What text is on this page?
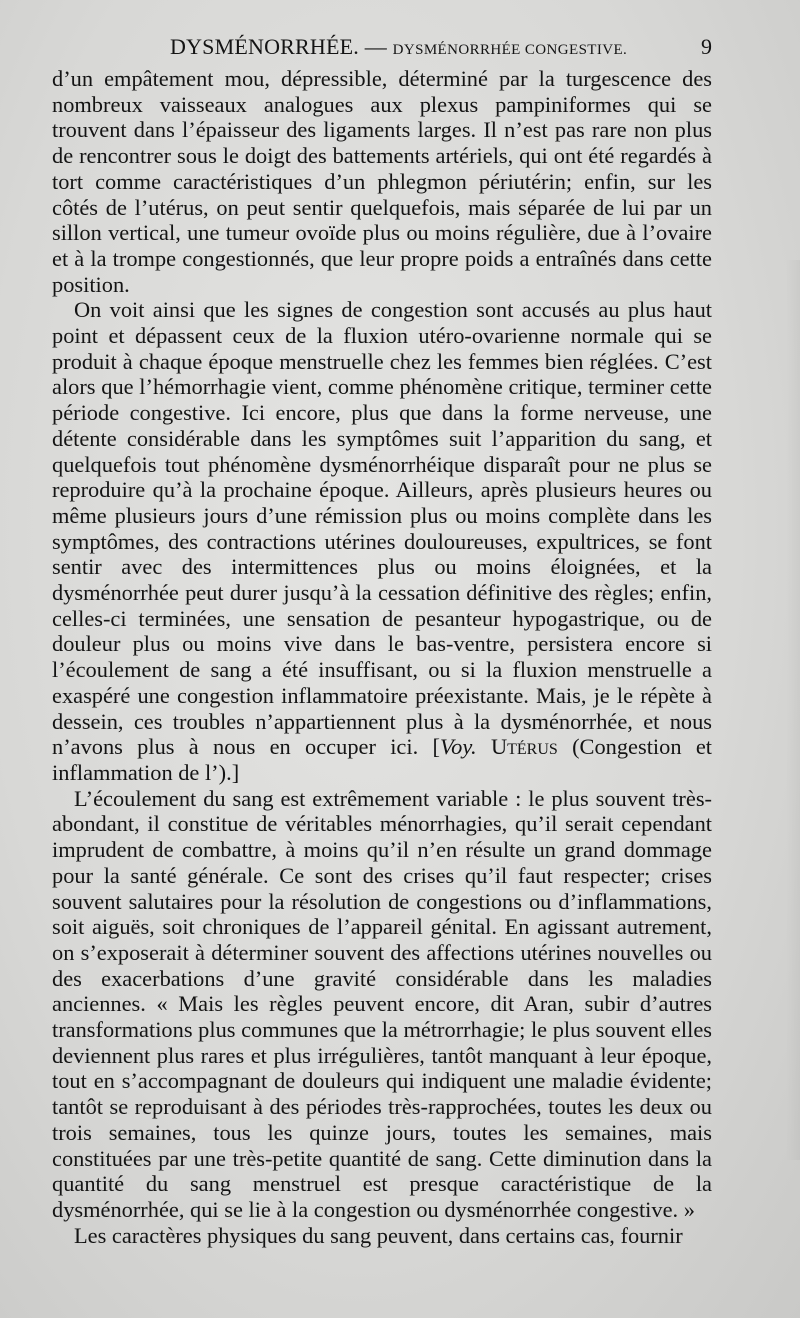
DYSMÉNORRHÉE. — DYSMÉNORRHÉE CONGESTIVE.	9

d’un empâtement mou, dépressible, déterminé par la turgescence des nombreux vaisseaux analogues aux plexus pampiniformes qui se trouvent dans l’épaisseur des ligaments larges. Il n’est pas rare non plus de rencontrer sous le doigt des battements artériels, qui ont été regardés à tort comme caractéristiques d’un phlegmon périutérin; enfin, sur les côtés de l’utérus, on peut sentir quelquefois, mais séparée de lui par un sillon vertical, une tumeur ovoïde plus ou moins régulière, due à l’ovaire et à la trompe congestionnés, que leur propre poids a entraînés dans cette position.

On voit ainsi que les signes de congestion sont accusés au plus haut point et dépassent ceux de la fluxion utéro-ovarienne normale qui se produit à chaque époque menstruelle chez les femmes bien réglées. C’est alors que l’hémorrhagie vient, comme phénomène critique, terminer cette période congestive. Ici encore, plus que dans la forme nerveuse, une détente considérable dans les symptômes suit l’apparition du sang, et quelquefois tout phénomène dysménorrhéique disparaît pour ne plus se reproduire qu’à la prochaine époque. Ailleurs, après plusieurs heures ou même plusieurs jours d’une rémission plus ou moins complète dans les symptômes, des contractions utérines douloureuses, expultrices, se font sentir avec des intermittences plus ou moins éloignées, et la dysménorrhée peut durer jusqu’à la cessation définitive des règles; enfin, celles-ci terminées, une sensation de pesanteur hypogastrique, ou de douleur plus ou moins vive dans le bas-ventre, persistera encore si l’écoulement de sang a été insuffisant, ou si la fluxion menstruelle a exaspéré une congestion inflammatoire préexistante. Mais, je le répète à dessein, ces troubles n’appartiennent plus à la dysménorrhée, et nous n’avons plus à nous en occuper ici. [Voy. Utérus (Congestion et inflammation de l’).]

L’écoulement du sang est extrêmement variable : le plus souvent très-abondant, il constitue de véritables ménorrhagies, qu’il serait cependant imprudent de combattre, à moins qu’il n’en résulte un grand dommage pour la santé générale. Ce sont des crises qu’il faut respecter; crises souvent salutaires pour la résolution de congestions ou d’inflammations, soit aiguës, soit chroniques de l’appareil génital. En agissant autrement, on s’exposerait à déterminer souvent des affections utérines nouvelles ou des exacerbations d’une gravité considérable dans les maladies anciennes. « Mais les règles peuvent encore, dit Aran, subir d’autres transformations plus communes que la métrorrhagie; le plus souvent elles deviennent plus rares et plus irrégulières, tantôt manquant à leur époque, tout en s’accompagnant de douleurs qui indiquent une maladie évidente; tantôt se reproduisant à des périodes très-rapprochées, toutes les deux ou trois semaines, tous les quinze jours, toutes les semaines, mais constituées par une très-petite quantité de sang. Cette diminution dans la quantité du sang menstruel est presque caractéristique de la dysménorrhée, qui se lie à la congestion ou dysménorrhée congestive. »

Les caractères physiques du sang peuvent, dans certains cas, fournir
